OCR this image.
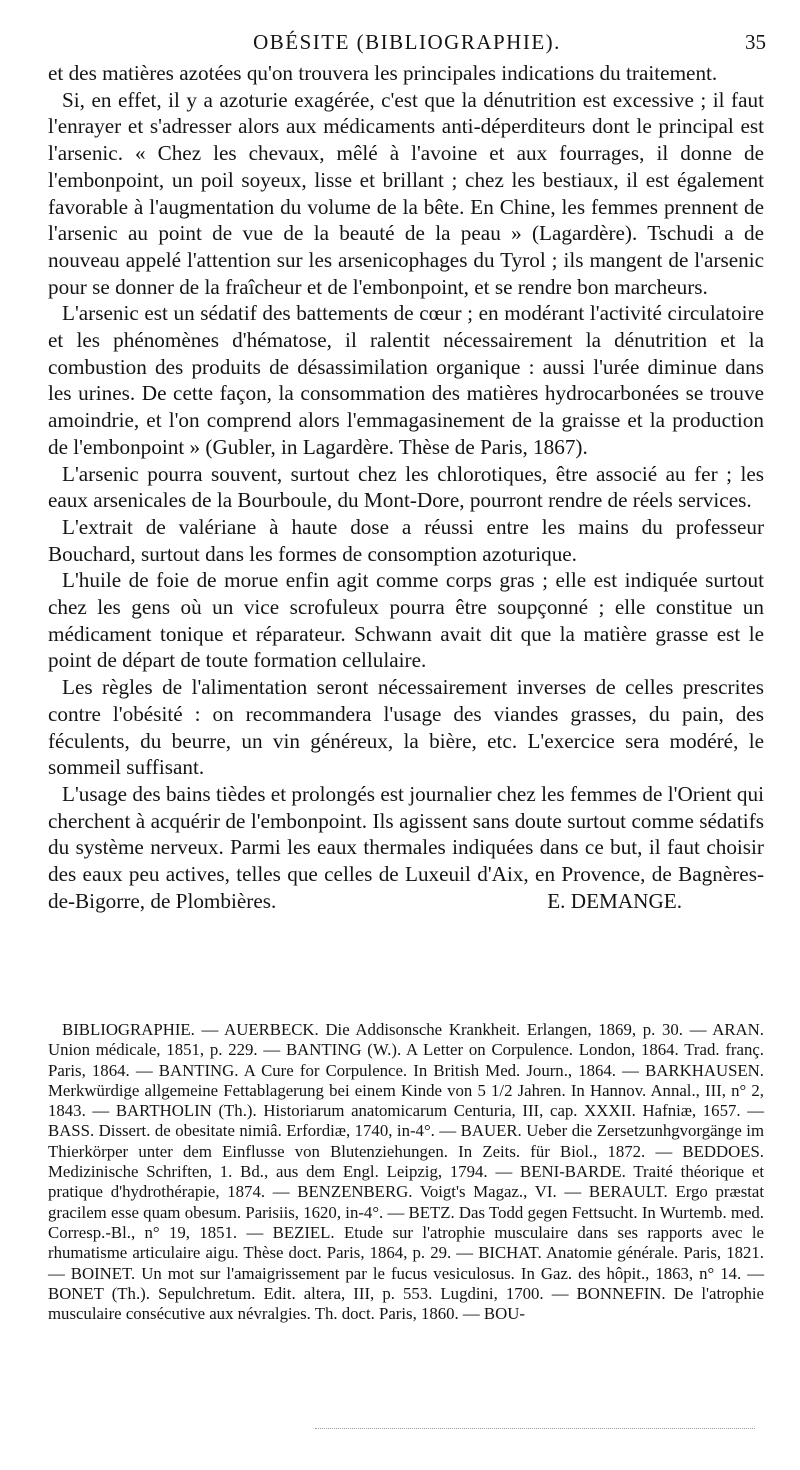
OBÉSITE (BIBLIOGRAPHIE).	35

et des matières azotées qu'on trouvera les principales indications du traitement.

Si, en effet, il y a azoturie exagérée, c'est que la dénutrition est excessive ; il faut l'enrayer et s'adresser alors aux médicaments anti-déperditeurs dont le principal est l'arsenic. « Chez les chevaux, mêlé à l'avoine et aux fourrages, il donne de l'embonpoint, un poil soyeux, lisse et brillant ; chez les bestiaux, il est également favorable à l'augmentation du volume de la bête. En Chine, les femmes prennent de l'arsenic au point de vue de la beauté de la peau » (Lagardère). Tschudi a de nouveau appelé l'attention sur les arsenicophages du Tyrol ; ils mangent de l'arsenic pour se donner de la fraîcheur et de l'embonpoint, et se rendre bon marcheurs.

L'arsenic est un sédatif des battements de cœur ; en modérant l'activité circulatoire et les phénomènes d'hématose, il ralentit nécessairement la dénutrition et la combustion des produits de désassimilation organique : aussi l'urée diminue dans les urines. De cette façon, la consommation des matières hydrocarbonées se trouve amoindrie, et l'on comprend alors l'emmagasinement de la graisse et la production de l'embonpoint » (Gubler, in Lagardère. Thèse de Paris, 1867).

L'arsenic pourra souvent, surtout chez les chlorotiques, être associé au fer ; les eaux arsenicales de la Bourboule, du Mont-Dore, pourront rendre de réels services.

L'extrait de valériane à haute dose a réussi entre les mains du professeur Bouchard, surtout dans les formes de consomption azoturique.

L'huile de foie de morue enfin agit comme corps gras ; elle est indiquée surtout chez les gens où un vice scrofuleux pourra être soupçonné ; elle constitue un médicament tonique et réparateur. Schwann avait dit que la matière grasse est le point de départ de toute formation cellulaire.

Les règles de l'alimentation seront nécessairement inverses de celles prescrites contre l'obésité : on recommandera l'usage des viandes grasses, du pain, des féculents, du beurre, un vin généreux, la bière, etc. L'exercice sera modéré, le sommeil suffisant.

L'usage des bains tièdes et prolongés est journalier chez les femmes de l'Orient qui cherchent à acquérir de l'embonpoint. Ils agissent sans doute surtout comme sédatifs du système nerveux. Parmi les eaux thermales indiquées dans ce but, il faut choisir des eaux peu actives, telles que celles de Luxeuil d'Aix, en Provence, de Bagnères-de-Bigorre, de Plombières.	E. DEMANGE.

BIBLIOGRAPHIE. — AUERBECK. Die Addisonsche Krankheit. Erlangen, 1869, p. 30. — ARAN. Union médicale, 1851, p. 229. — BANTING (W.). A Letter on Corpulence. London, 1864. Trad. franç. Paris, 1864. — BANTING. A Cure for Corpulence. In British Med. Journ., 1864. — BARKHAUSEN. Merkwürdige allgemeine Fettablagerung bei einem Kinde von 5 1/2 Jahren. In Hannov. Annal., III, n° 2, 1843. — BARTHOLIN (Th.). Historiarum anatomicarum Centuria, III, cap. XXXII. Hafniæ, 1657. — BASS. Dissert. de obesitate nimiâ. Erfordiæ, 1740, in-4°. — BAUER. Ueber die Zersetzunhgvorgänge im Thierkörper unter dem Einflusse von Blutenziehungen. In Zeits. für Biol., 1872. — BEDDOES. Medizinische Schriften, 1. Bd., aus dem Engl. Leipzig, 1794. — BENI-BARDE. Traité théorique et pratique d'hydrothérapie, 1874. — BENZENBERG. Voigt's Magaz., VI. — BERAULT. Ergo præstat gracilem esse quam obesum. Parisiis, 1620, in-4°. — BETZ. Das Todd gegen Fettsucht. In Wurtemb. med. Corresp.-Bl., n° 19, 1851. — BEZIEL. Etude sur l'atrophie musculaire dans ses rapports avec le rhumatisme articulaire aigu. Thèse doct. Paris, 1864, p. 29. — BICHAT. Anatomie générale. Paris, 1821. — BOINET. Un mot sur l'amaigrissement par le fucus vesiculosus. In Gaz. des hôpit., 1863, n° 14. — BONET (Th.). Sepulchretum. Edit. altera, III, p. 553. Lugdini, 1700. — BONNEFIN. De l'atrophie musculaire consécutive aux névralgies. Th. doct. Paris, 1860. — BOU-
